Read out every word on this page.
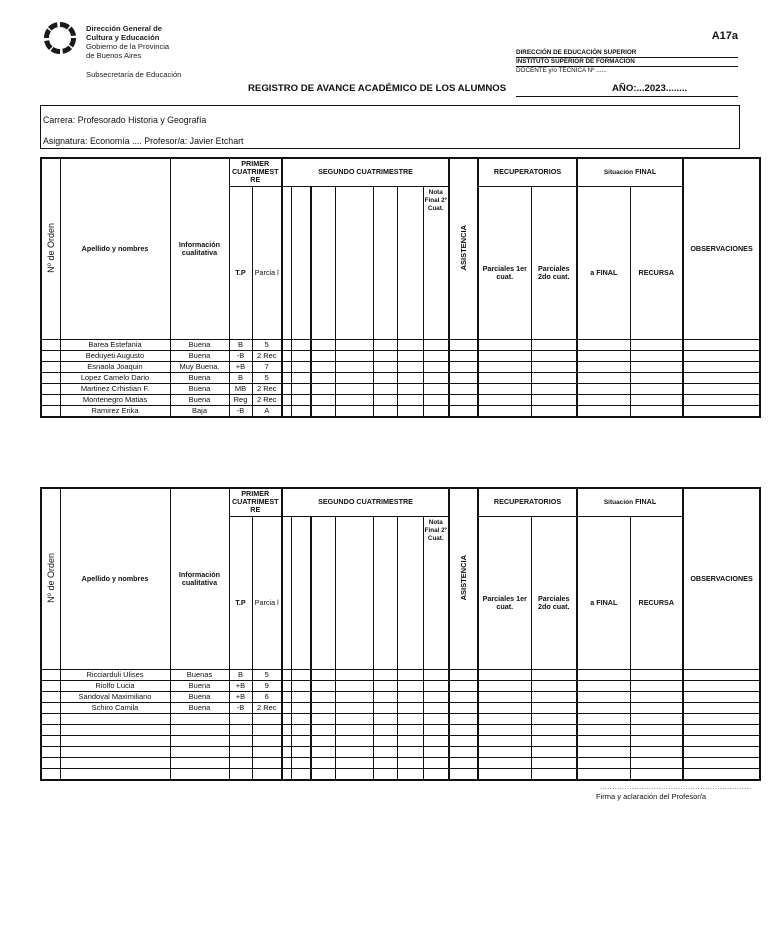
Dirección General de
Cultura y Educación
Gobierno de la Provincia
de Buenos Aires
Subsecretaría de Educación
A17a
DIRECCIÓN DE EDUCACIÓN SUPERIOR
INSTITUTO SUPERIOR DE FORMACIÓN
DOCENTE y/o TÉCNICA Nº ......
REGISTRO DE AVANCE ACADÉMICO DE LOS ALUMNOS	AÑO:...2023........
Carrera: Profesorado Historia y Geografía
Asignatura: Economía .... Profesor/a: Javier Etchart
Nº de Orden	Apellido y nombres	Información cualitativa	PRIMER CUATRIMEST RE		SEGUNDO CUATRIMESTRE							ASISTENCIA	RECUPERATORIOS		Situación FINAL		OBSERVACIONES
			T.P	Parcia l							Nota Final 2º Cuat.		Parciales 1er cuat.	Parciales 2do cuat.	a FINAL	RECURSA	
	Barea Estefania	Buena	B	5													
	Beduyeti Augusto	Buena	-B	2 Rec													
	Esnaola Joaquin	Muy Buena.	+B	7													
	Lopez Camelo Dario	Buena	B	5													
	Martinez Crhistian F.	Buena	MB	2 Rec													
	Montenegro Matias	Buena	Reg	2 Rec													
	Ramirez Erika	Baja	-B	A													
Nº de Orden	Apellido y nombres	Información cualitativa	PRIMER CUATRIMEST RE		SEGUNDO CUATRIMESTRE							ASISTENCIA	RECUPERATORIOS		Situación FINAL		OBSERVACIONES
			T.P	Parcia l							Nota Final 2º Cuat.		Parciales 1er cuat.	Parciales 2do cuat.	a FINAL	RECURSA	
	Ricciarduli Ulises	Buenas	B	5													
	Riolfo Lucia	Buena	+B	9													
	Sandoval Maximiliano	Buena	+B	6													
	Schiro Camila	Buena	-B	2 Rec													

..............................................................
Firma y aclaración del Profesor/a
